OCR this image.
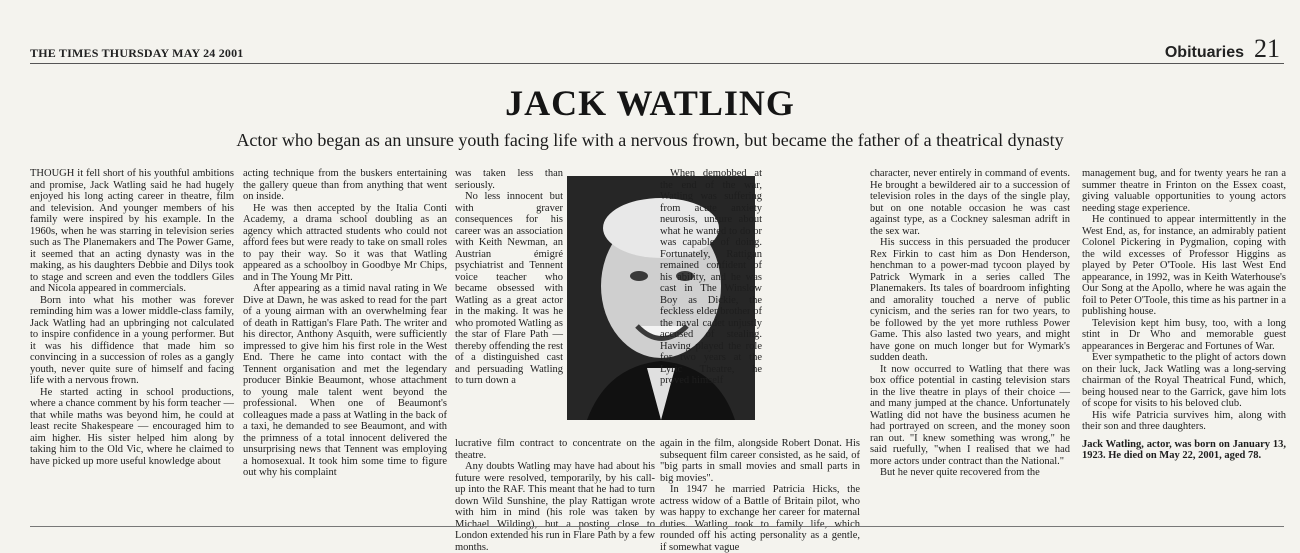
THE TIMES THURSDAY MAY 24 2001	Obituaries 21
JACK WATLING
Actor who began as an unsure youth facing life with a nervous frown, but became the father of a theatrical dynasty

THOUGH it fell short of his youthful ambitions and promise, Jack Watling said he had hugely enjoyed his long acting career in theatre, film and television. And younger members of his family were inspired by his example. In the 1960s, when he was starring in television series such as The Planemakers and The Power Game, it seemed that an acting dynasty was in the making, as his daughters Debbie and Dilys took to stage and screen and even the toddlers Giles and Nicola appeared in commercials.

Born into what his mother was forever reminding him was a lower middle-class family, Jack Watling had an upbringing not calculated to inspire confidence in a young performer. But it was his diffidence that made him so convincing in a succession of roles as a gangly youth, never quite sure of himself and facing life with a nervous frown.

He started acting in school productions, where a chance comment by his form teacher — that while maths was beyond him, he could at least recite Shakespeare — encouraged him to aim higher. His sister helped him along by taking him to the Old Vic, where he claimed to have picked up more useful knowledge about

acting technique from the buskers entertaining the gallery queue than from anything that went on inside.

He was then accepted by the Italia Conti Academy, a drama school doubling as an agency which attracted students who could not afford fees but were ready to take on small roles to pay their way. So it was that Watling appeared as a schoolboy in Goodbye Mr Chips, and in The Young Mr Pitt.

After appearing as a timid naval rating in We Dive at Dawn, he was asked to read for the part of a young airman with an overwhelming fear of death in Rattigan's Flare Path. The writer and his director, Anthony Asquith, were sufficiently impressed to give him his first role in the West End. There he came into contact with the Tennent organisation and met the legendary producer Binkie Beaumont, whose attachment to young male talent went beyond the professional. When one of Beaumont's colleagues made a pass at Watling in the back of a taxi, he demanded to see Beaumont, and with the primness of a total innocent delivered the unsurprising news that Tennent was employing a homosexual. It took him some time to figure out why his complaint

was taken less than seriously.

No less innocent but with graver consequences for his career was an association with Keith Newman, an Austrian émigré psychiatrist and Tennent voice teacher who became obsessed with Watling as a great actor in the making. It was he who promoted Watling as the star of Flare Path — thereby offending the rest of a distinguished cast and persuading Watling to turn down a

lucrative film contract to concentrate on the theatre.

Any doubts Watling may have had about his future were resolved, temporarily, by his call-up into the RAF. This meant that he had to turn down Wild Sunshine, the play Rattigan wrote with him in mind (his role was taken by Michael Wilding), but a posting close to London extended his run in Flare Path by a few months.

When demobbed at the end of the war, Watling was suffering from acute anxiety neurosis, unsure about what he wanted to do or was capable of doing. Fortunately, Rattigan remained confident of his ability, and he was cast in The Winslow Boy as Dickie, the feckless elder brother of the naval cadet unjustly accused of stealing. Having played the role for two years at the Lyric Theatre, he proved himself

again in the film, alongside Robert Donat. His subsequent film career consisted, as he said, of "big parts in small movies and small parts in big movies".

In 1947 he married Patricia Hicks, the actress widow of a Battle of Britain pilot, who was happy to exchange her career for maternal duties. Watling took to family life, which rounded off his acting personality as a gentle, if somewhat vague

character, never entirely in command of events. He brought a bewildered air to a succession of television roles in the days of the single play, but on one notable occasion he was cast against type, as a Cockney salesman adrift in the sex war.

His success in this persuaded the producer Rex Firkin to cast him as Don Henderson, henchman to a power-mad tycoon played by Patrick Wymark in a series called The Planemakers. Its tales of boardroom infighting and amorality touched a nerve of public cynicism, and the series ran for two years, to be followed by the yet more ruthless Power Game. This also lasted two years, and might have gone on much longer but for Wymark's sudden death.

It now occurred to Watling that there was box office potential in casting television stars in the live theatre in plays of their choice — and many jumped at the chance. Unfortunately Watling did not have the business acumen he had portrayed on screen, and the money soon ran out. "I knew something was wrong," he said ruefully, "when I realised that we had more actors under contract than the National."

But he never quite recovered from the

management bug, and for twenty years he ran a summer theatre in Frinton on the Essex coast, giving valuable opportunities to young actors needing stage experience.

He continued to appear intermittently in the West End, as, for instance, an admirably patient Colonel Pickering in Pygmalion, coping with the wild excesses of Professor Higgins as played by Peter O'Toole. His last West End appearance, in 1992, was in Keith Waterhouse's Our Song at the Apollo, where he was again the foil to Peter O'Toole, this time as his partner in a publishing house.

Television kept him busy, too, with a long stint in Dr Who and memorable guest appearances in Bergerac and Fortunes of War.

Ever sympathetic to the plight of actors down on their luck, Jack Watling was a long-serving chairman of the Royal Theatrical Fund, which, being housed near to the Garrick, gave him lots of scope for visits to his beloved club.

His wife Patricia survives him, along with their son and three daughters.

Jack Watling, actor, was born on January 13, 1923. He died on May 22, 2001, aged 78.
